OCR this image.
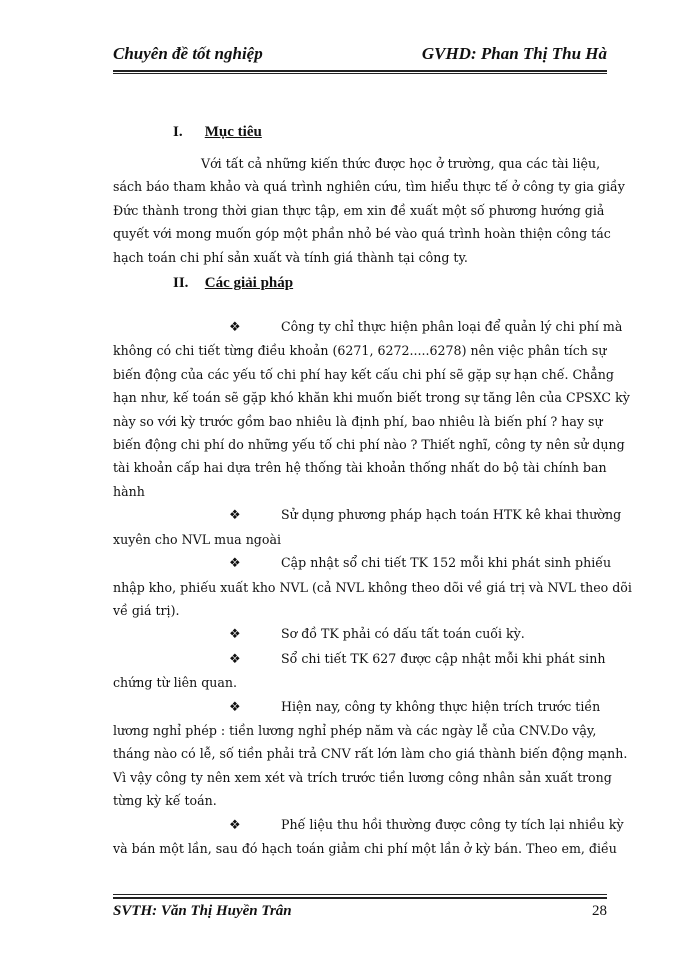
Chuyên đề tốt nghiệp	GVHD: Phan Thị Thu Hà
I. Mục tiêu

Với tất cả những kiến thức được học ở trường, qua các tài liệu, sách báo tham khảo và quá trình nghiên cứu, tìm hiểu thực tế ở công ty gia giầy Đức thành trong thời gian thực tập, em xin đề xuất một số phương hướng giả quyết với mong muốn góp một phần nhỏ bé vào quá trình hoàn thiện công tác hạch toán chi phí sản xuất và tính giá thành tại công ty.

II. Các giải pháp

❖	Công ty chỉ thực hiện phân loại để quản lý chi phí mà không có chi tiết từng điều khoản (6271, 6272.....6278) nên việc phân tích sự biến động của các yếu tố chi phí hay kết cấu chi phí sẽ gặp sự hạn chế. Chẳng hạn như, kế toán sẽ gặp khó khăn khi muốn biết trong sự tăng lên của CPSXC kỳ này so với kỳ trước gồm bao nhiêu là định phí, bao nhiêu là biến phí ? hay sự biến động chi phí do những yếu tố chi phí nào ? Thiết nghĩ, công ty nên sử dụng tài khoản cấp hai dựa trên hệ thống tài khoản thống nhất do bộ tài chính ban hành

❖	Sử dụng phương pháp hạch toán HTK kê khai thường xuyên cho NVL mua ngoài

❖	Cập nhật sổ chi tiết TK 152 mỗi khi phát sinh phiếu nhập kho, phiếu xuất kho NVL (cả NVL không theo dõi về giá trị và NVL theo dõi về giá trị).

❖	Sơ đồ TK phải có dấu tất toán cuối kỳ.

❖	Sổ chi tiết TK 627 được cập nhật mỗi khi phát sinh chứng từ liên quan.

❖	Hiện nay, công ty không thực hiện trích trước tiền lương nghỉ phép : tiền lương nghỉ phép năm và các ngày lễ của CNV.Do vậy, tháng nào có lễ, số tiền phải trả CNV rất lớn làm cho giá thành biến động mạnh. Vì vậy công ty nên xem xét và trích trước tiền lương công nhân sản xuất trong từng kỳ kế toán.

❖	Phế liệu thu hồi thường được công ty tích lại nhiều kỳ và bán một lần, sau đó hạch toán giảm chi phí một lần ở kỳ bán. Theo em, điều

SVTH: Văn Thị Huyền Trân	28
